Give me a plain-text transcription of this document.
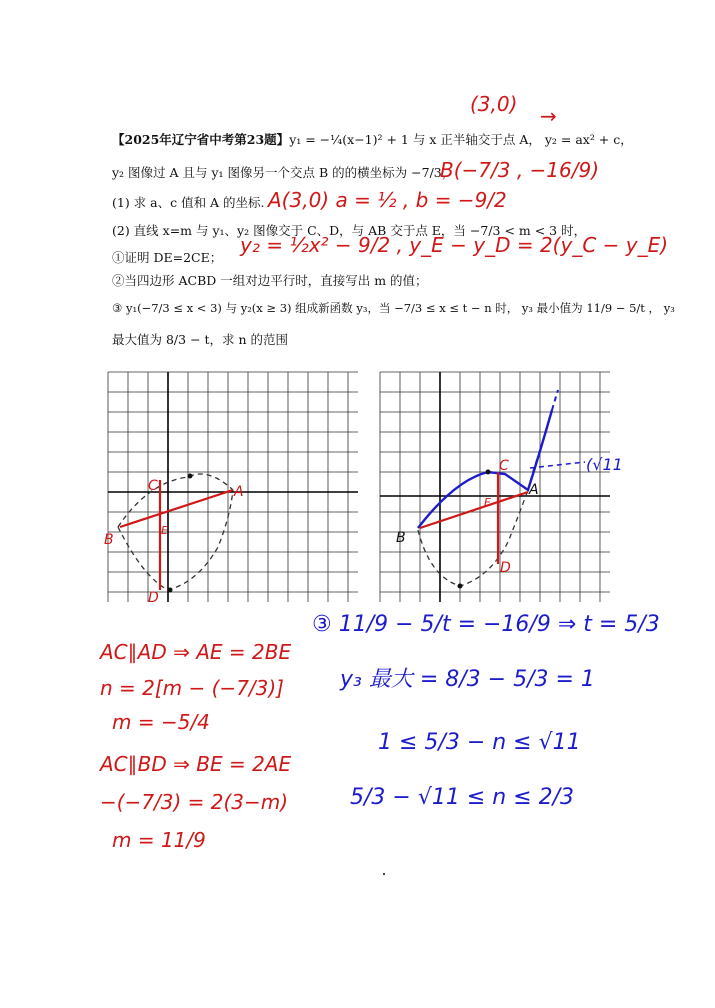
【2025年辽宁省中考第23题】y₁ = −¼(x−1)² + 1 与 x 正半轴交于点 A， y₂ = ax² + c，
y₂ 图像过 A 且与 y₁ 图像另一个交点 B 的的横坐标为 −7/3，
(1) 求 a、c 值和 A 的坐标.
(2) 直线 x=m 与 y₁、y₂ 图像交于 C、D，与 AB 交于点 E，当 −7/3 < m < 3 时，
①证明 DE=2CE；
②当四边形 ACBD 一组对边平行时，直接写出 m 的值；
③ y₁(−7/3 ≤ x < 3) 与 y₂(x ≥ 3) 组成新函数 y₃，当 −7/3 ≤ x ≤ t − n 时， y₃ 最小值为 11/9 − 5/t ， y₃
最大值为 8/3 − t，求 n 的范围
(3,0) →
B(−7/3 , −16/9)
A(3,0) a = ½ , b = −9/2
y₂ = ½x² − 9/2 , y_E − y_D = 2(y_C − y_E)
C
E
A
B
D
C
E
A
B
D
(√11
③ 11/9 − 5/t = −16/9 ⇒ t = 5/3
y₃ 最大 = 8/3 − 5/3 = 1
1 ≤ 5/3 − n ≤ √11
5/3 − √11 ≤ n ≤ 2/3
AC∥AD ⇒ AE = 2BE
n = 2[m − (−7/3)]
m = −5/4
AC∥BD ⇒ BE = 2AE
−(−7/3) = 2(3−m)
m = 11/9
